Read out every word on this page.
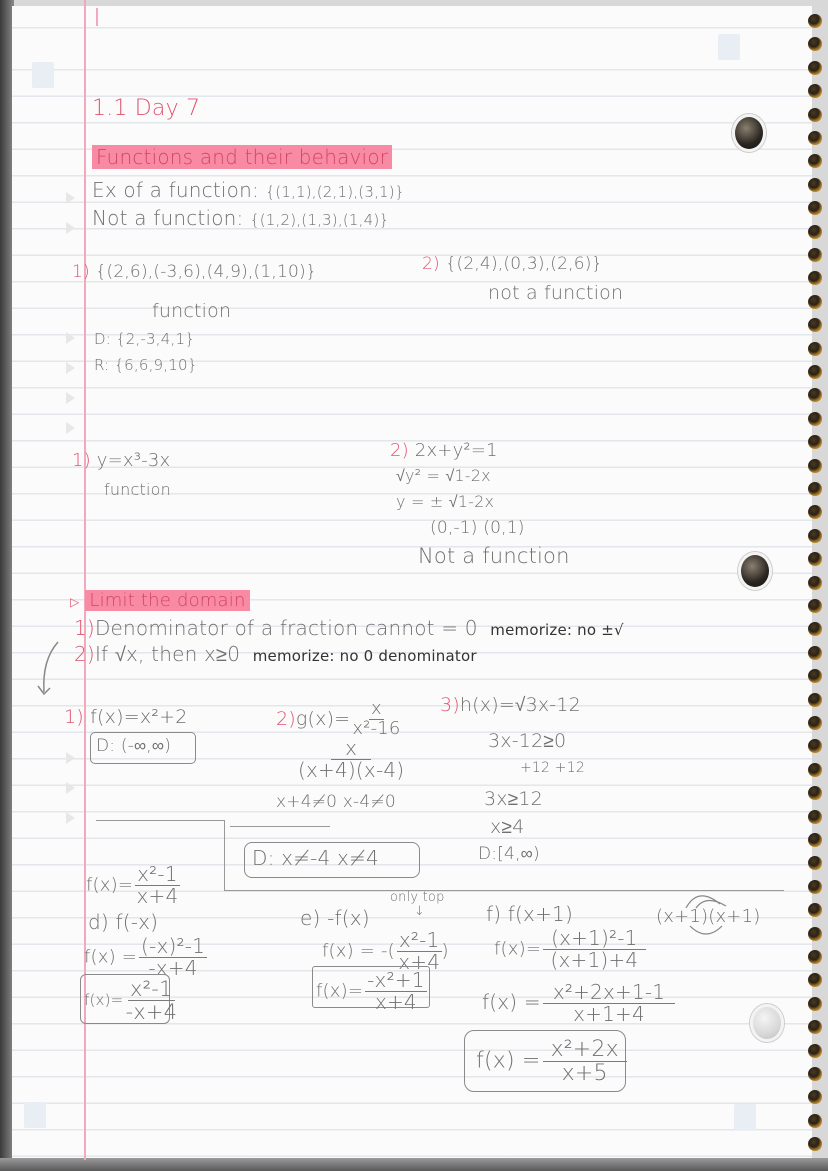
1.1 Day 7
Functions and their behavior
Ex of a function: {(1,1),(2,1),(3,1)}
Not a function: {(1,2),(1,3),(1,4)}
1) {(2,6),(-3,6),(4,9),(1,10)}
function
D: {2,-3,4,1}
R: {6,6,9,10}
2) {(2,4),(0,3),(2,6)}
not a function
1) y=x³-3x
function
2) 2x+y²=1
√y² = √1-2x
y = ± √1-2x
(0,-1) (0,1)
Not a function
▷ Limit the domain
1)Denominator of a fraction cannot = 0 memorize: no ±√
2)If √x, then x≥0 memorize: no 0 denominator
1) f(x)=x²+2
D: (-∞,∞)
$2)g(x)= \frac{x}{\text{x²-16}}$
$\frac{x}{(x+4)(x-4)}$
x+4≠0 x-4≠0
3)h(x)=√3x-12
3x-12≥0
+12 +12
3x≥12
x≥4
D:[4,∞)
D: x≠-4 x≠4
$f(x)= \frac{\text{x²-1}}{x+4}$
d) f(-x)
$f(x) = \frac{\text{(-x)²-1}}{-x+4}$
$f(x)= \frac{\text{x²-1}}{-x+4}$
only top
↓
e) -f(x)
f(x) = -( $\frac{\text{x²-1}}{x+4}$ )
$f(x)= \frac{\text{-x²+1}}{x+4}$
f) f(x+1)
$f(x)= \frac{\text{(x+1)²-1}}{(x+1)+4}$
$f(x) = \frac{\text{x²+2x+1-1}}{x+1+4}$
$f(x) = \frac{\text{x²+2x}}{x+5}$
(x+1)(x+1)
